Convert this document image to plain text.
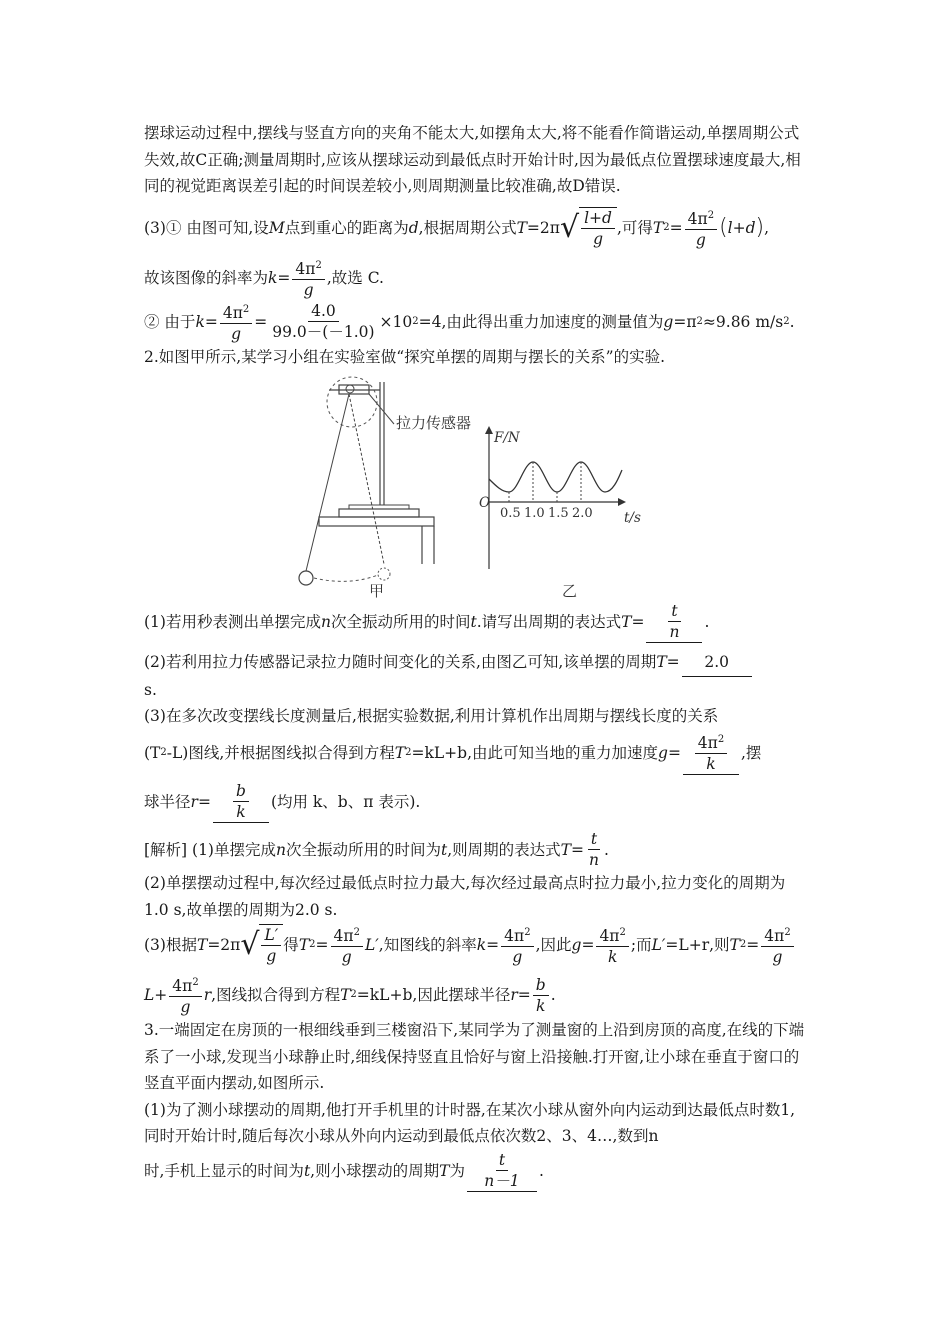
摆球运动过程中,摆线与竖直方向的夹角不能太大,如摆角太大,将不能看作简谐运动,单摆周期公式失效,故C正确;测量周期时,应该从摆球运动到最低点时开始计时,因为最低点位置摆球速度最大,相同的视觉距离误差引起的时间误差较小,则周期测量比较准确,故D错误.

(3)① 由图可知,设 M 点到重心的距离为 d ,根据周期公式 T =2π √ $\frac{l+d}{g}$ ,可得 T $2 = \frac{4\pi^2}{g}$ ( l+d ) ,
故该图像的斜率为 $k = \frac{4\pi^2}{g}$ ,故选 C.
② 由于 $k = \frac{4\pi^2}{g} = \frac{4.0}{99.0-(-1.0)} \times 10$ 2 =4,由此得出重力加速度的测量值为 g =π 2 ≈9.86 m/s 2 .

2.如图甲所示,某学习小组在实验室做“探究单摆的周期与摆长的关系”的实验.

拉力传感器
甲
F/N
t/s
O
0.5 1.0 1.5 2.0
乙
(1)若用秒表测出单摆完成 n 次全振动所用的时间 t .请写出周期的表达式 $T = \frac{t}{n}$ .

(2)若利用拉力传感器记录拉力随时间变化的关系,由图乙可知,该单摆的周期T= 2.0
s.

(3)在多次改变摆线长度测量后,根据实验数据,利用计算机作出周期与摆线长度的关系

(T 2 -L)图线,并根据图线拟合得到方程 T 2 =kL+b ,由此可知当地的重力加速度 $g = \frac{4\pi^2}{k}$ ,摆
球半径 $r = \frac{b}{k}$ (均用 k、b、π 表示).
[解析] (1)单摆完成 n 次全振动所用的时间为 t ,则周期的表达式 $T = \frac{t}{n}$ .

(2)单摆摆动过程中,每次经过最低点时拉力最大,每次经过最高点时拉力最小,拉力变化的周期为1.0 s,故单摆的周期为2.0 s.

(3)根据 T =2π √ $\frac{L'}{g}$ 得 T $2 = \frac{4\pi^2}{g} L'$ ,知图线的斜率 $k = \frac{4\pi^2}{g}$ ,因此 $g = \frac{4\pi^2}{k}$ ;而 L′ =L+r ,则 T $2 = \frac{4\pi^2}{g}$
$L+ \frac{4\pi^2}{g}$ r ,图线拟合得到方程 T 2 =kL+b ,因此摆球半径 $r = \frac{b}{k}$ .

3.一端固定在房顶的一根细线垂到三楼窗沿下,某同学为了测量窗的上沿到房顶的高度,在线的下端系了一小球,发现当小球静止时,细线保持竖直且恰好与窗上沿接触.打开窗,让小球在垂直于窗口的竖直平面内摆动,如图所示.

(1)为了测小球摆动的周期,他打开手机里的计时器,在某次小球从窗外向内运动到达最低点时数1,同时开始计时,随后每次小球从外向内运动到最低点依次数2、3、4…,数到n

时,手机上显示的时间为 t ,则小球摆动的周期 T 为 $\frac{t}{n-1}$ .
